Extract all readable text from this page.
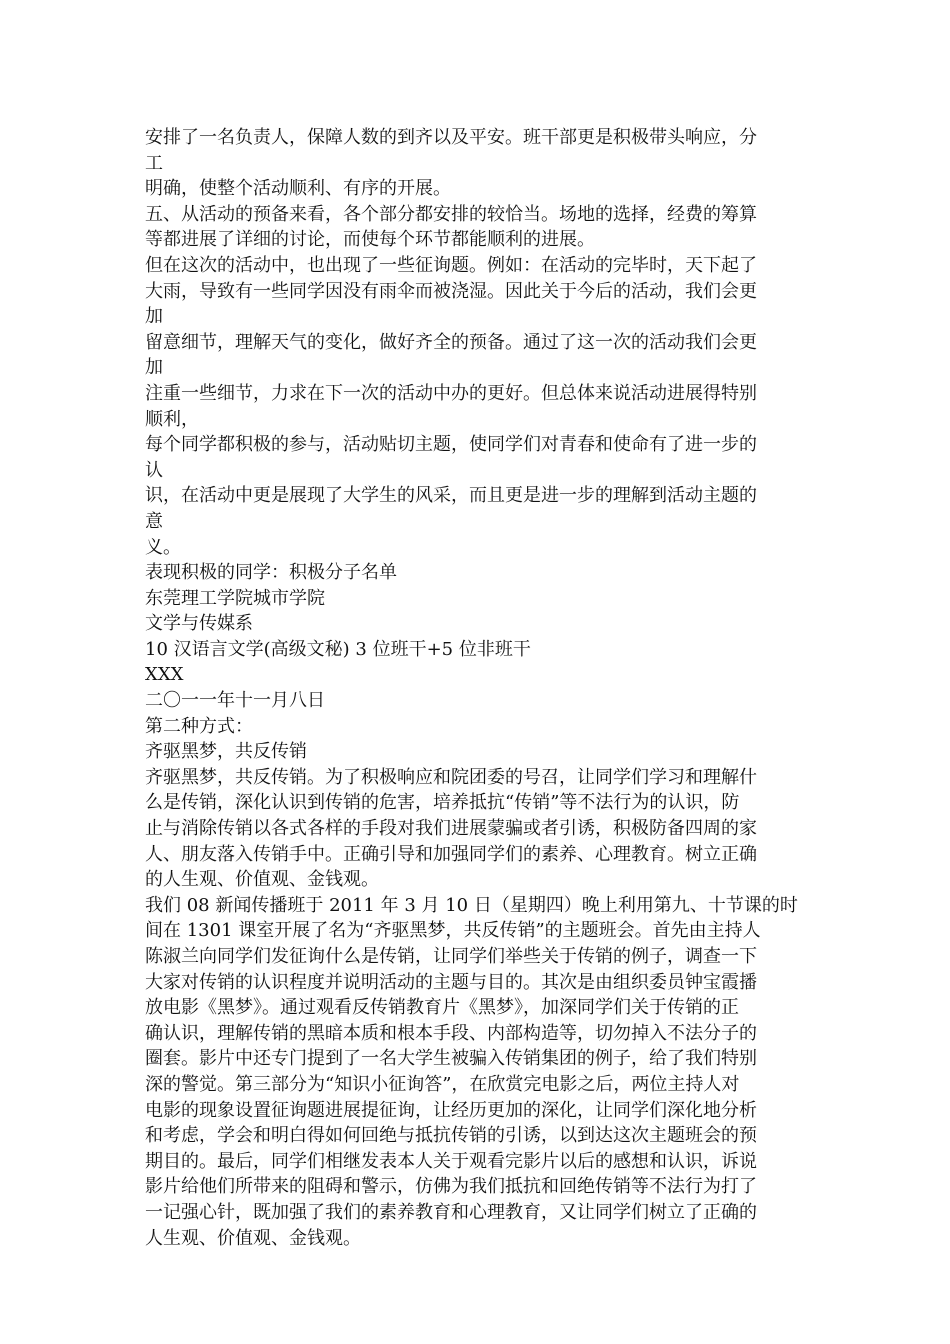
安排了一名负责人，保障人数的到齐以及平安。班干部更是积极带头响应，分
工
明确，使整个活动顺利、有序的开展。
五、从活动的预备来看，各个部分都安排的较恰当。场地的选择，经费的筹算
等都进展了详细的讨论，而使每个环节都能顺利的进展。
但在这次的活动中，也出现了一些征询题。例如：在活动的完毕时，天下起了
大雨，导致有一些同学因没有雨伞而被浇湿。因此关于今后的活动，我们会更
加
留意细节，理解天气的变化，做好齐全的预备。通过了这一次的活动我们会更
加
注重一些细节，力求在下一次的活动中办的更好。但总体来说活动进展得特别
顺利，
每个同学都积极的参与，活动贴切主题，使同学们对青春和使命有了进一步的
认
识，在活动中更是展现了大学生的风采，而且更是进一步的理解到活动主题的
意
义。
表现积极的同学：积极分子名单
东莞理工学院城市学院
文学与传媒系
10 汉语言文学(高级文秘) 3 位班干+5 位非班干
XXX
二〇一一年十一月八日
第二种方式：
齐驱黑梦，共反传销
齐驱黑梦，共反传销。为了积极响应和院团委的号召，让同学们学习和理解什
么是传销，深化认识到传销的危害，培养抵抗“传销”等不法行为的认识，防
止与消除传销以各式各样的手段对我们进展蒙骗或者引诱，积极防备四周的家
人、朋友落入传销手中。正确引导和加强同学们的素养、心理教育。树立正确
的人生观、价值观、金钱观。
我们 08 新闻传播班于 2011 年 3 月 10 日（星期四）晚上利用第九、十节课的时
间在 1301 课室开展了名为“齐驱黑梦，共反传销”的主题班会。首先由主持人
陈淑兰向同学们发征询什么是传销，让同学们举些关于传销的例子，调查一下
大家对传销的认识程度并说明活动的主题与目的。其次是由组织委员钟宝霞播
放电影《黑梦》。通过观看反传销教育片《黑梦》，加深同学们关于传销的正
确认识，理解传销的黑暗本质和根本手段、内部构造等，切勿掉入不法分子的
圈套。影片中还专门提到了一名大学生被骗入传销集团的例子，给了我们特别
深的警觉。第三部分为“知识小征询答”，在欣赏完电影之后，两位主持人对
电影的现象设置征询题进展提征询，让经历更加的深化，让同学们深化地分析
和考虑，学会和明白得如何回绝与抵抗传销的引诱，以到达这次主题班会的预
期目的。最后，同学们相继发表本人关于观看完影片以后的感想和认识，诉说
影片给他们所带来的阻碍和警示，仿佛为我们抵抗和回绝传销等不法行为打了
一记强心针，既加强了我们的素养教育和心理教育，又让同学们树立了正确的
人生观、价值观、金钱观。
